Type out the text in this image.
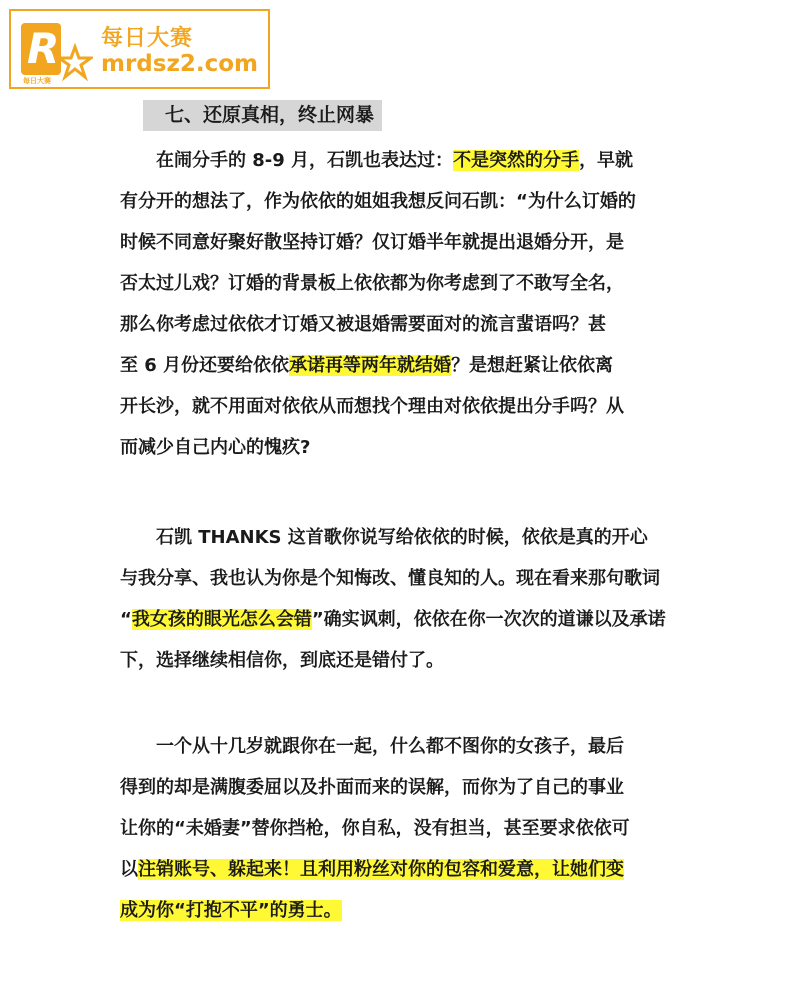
R
每日大赛
每日大赛
mrdsz2.com
七、还原真相，终止网暴
　　在闹分手的 8-9 月，石凯也表达过：不是突然的分手，早就
有分开的想法了，作为依依的姐姐我想反问石凯：“为什么订婚的
时候不同意好聚好散坚持订婚？仅订婚半年就提出退婚分开，是
否太过儿戏？订婚的背景板上依依都为你考虑到了不敢写全名，
那么你考虑过依依才订婚又被退婚需要面对的流言蜚语吗？甚
至 6 月份还要给依依承诺再等两年就结婚？是想赶紧让依依离
开长沙，就不用面对依依从而想找个理由对依依提出分手吗？从
而减少自己内心的愧疚?
　　石凯 THANKS 这首歌你说写给依依的时候，依依是真的开心
与我分享、我也认为你是个知悔改、懂良知的人。现在看来那句歌词
“我女孩的眼光怎么会错”确实讽刺，依依在你一次次的道谦以及承诺
下，选择继续相信你，到底还是错付了。
　　一个从十几岁就跟你在一起，什么都不图你的女孩子，最后
得到的却是满腹委屈以及扑面而来的误解，而你为了自己的事业
让你的“未婚妻”替你挡枪，你自私，没有担当，甚至要求依依可
以注销账号、躲起来！且利用粉丝对你的包容和爱意，让她们变
成为你“打抱不平”的勇士。
